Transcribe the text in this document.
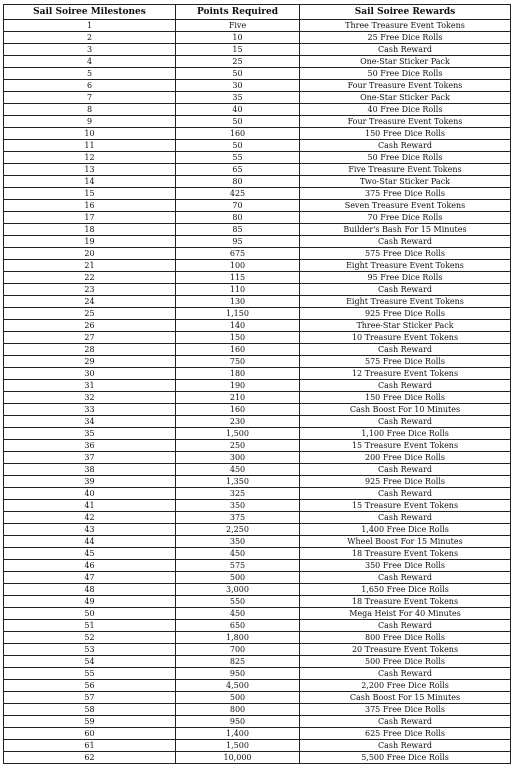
Sail Soiree Milestones	Points Required	Sail Soiree Rewards
1	Five	Three Treasure Event Tokens
2	10	25 Free Dice Rolls
3	15	Cash Reward
4	25	One-Star Sticker Pack
5	50	50 Free Dice Rolls
6	30	Four Treasure Event Tokens
7	35	One-Star Sticker Pack
8	40	40 Free Dice Rolls
9	50	Four Treasure Event Tokens
10	160	150 Free Dice Rolls
11	50	Cash Reward
12	55	50 Free Dice Rolls
13	65	Five Treasure Event Tokens
14	80	Two-Star Sticker Pack
15	425	375 Free Dice Rolls
16	70	Seven Treasure Event Tokens
17	80	70 Free Dice Rolls
18	85	Builder's Bash For 15 Minutes
19	95	Cash Reward
20	675	575 Free Dice Rolls
21	100	Eight Treasure Event Tokens
22	115	95 Free Dice Rolls
23	110	Cash Reward
24	130	Eight Treasure Event Tokens
25	1,150	925 Free Dice Rolls
26	140	Three-Star Sticker Pack
27	150	10 Treasure Event Tokens
28	160	Cash Reward
29	750	575 Free Dice Rolls
30	180	12 Treasure Event Tokens
31	190	Cash Reward
32	210	150 Free Dice Rolls
33	160	Cash Boost For 10 Minutes
34	230	Cash Reward
35	1,500	1,100 Free Dice Rolls
36	250	15 Treasure Event Tokens
37	300	200 Free Dice Rolls
38	450	Cash Reward
39	1,350	925 Free Dice Rolls
40	325	Cash Reward
41	350	15 Treasure Event Tokens
42	375	Cash Reward
43	2,250	1,400 Free Dice Rolls
44	350	Wheel Boost For 15 Minutes
45	450	18 Treasure Event Tokens
46	575	350 Free Dice Rolls
47	500	Cash Reward
48	3,000	1,650 Free Dice Rolls
49	550	18 Treasure Event Tokens
50	450	Mega Heist For 40 Minutes
51	650	Cash Reward
52	1,800	800 Free Dice Rolls
53	700	20 Treasure Event Tokens
54	825	500 Free Dice Rolls
55	950	Cash Reward
56	4,500	2,200 Free Dice Rolls
57	500	Cash Boost For 15 Minutes
58	800	375 Free Dice Rolls
59	950	Cash Reward
60	1,400	625 Free Dice Rolls
61	1,500	Cash Reward
62	10,000	5,500 Free Dice Rolls
